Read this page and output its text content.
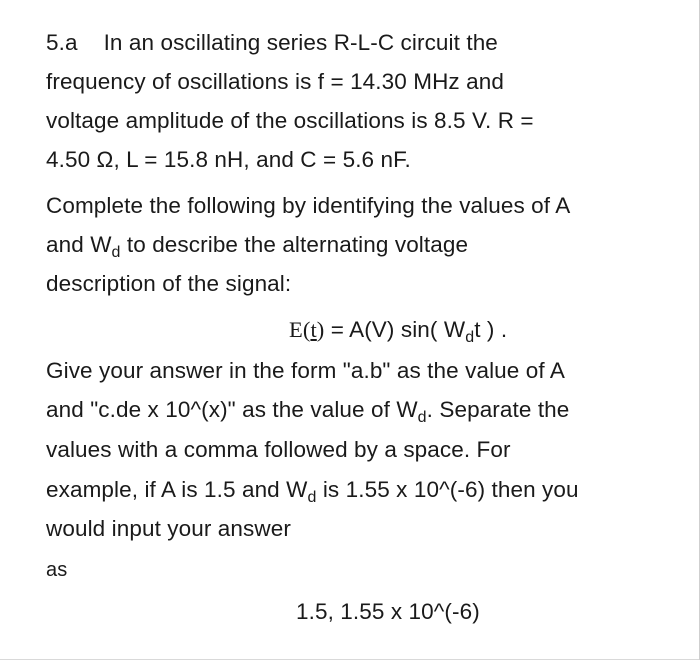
5.a In an oscillating series R-L-C circuit the
frequency of oscillations is f = 14.30 MHz and
voltage amplitude of the oscillations is 8.5 V. R =
4.50 Ω, L = 15.8 nH, and C = 5.6 nF.
Complete the following by identifying the values of A
and $W_d$ to describe the alternating voltage
description of the signal:
E(t) = A(V) sin( $W_dt$ ) .
Give your answer in the form "a.b" as the value of A
and "c.de x 10^(x)" as the value of $W_d$. Separate the
values with a comma followed by a space. For
example, if A is 1.5 and $W_d$ is 1.55 x 10^(-6) then you
would input your answer
as
1.5, 1.55 x 10^(-6)
